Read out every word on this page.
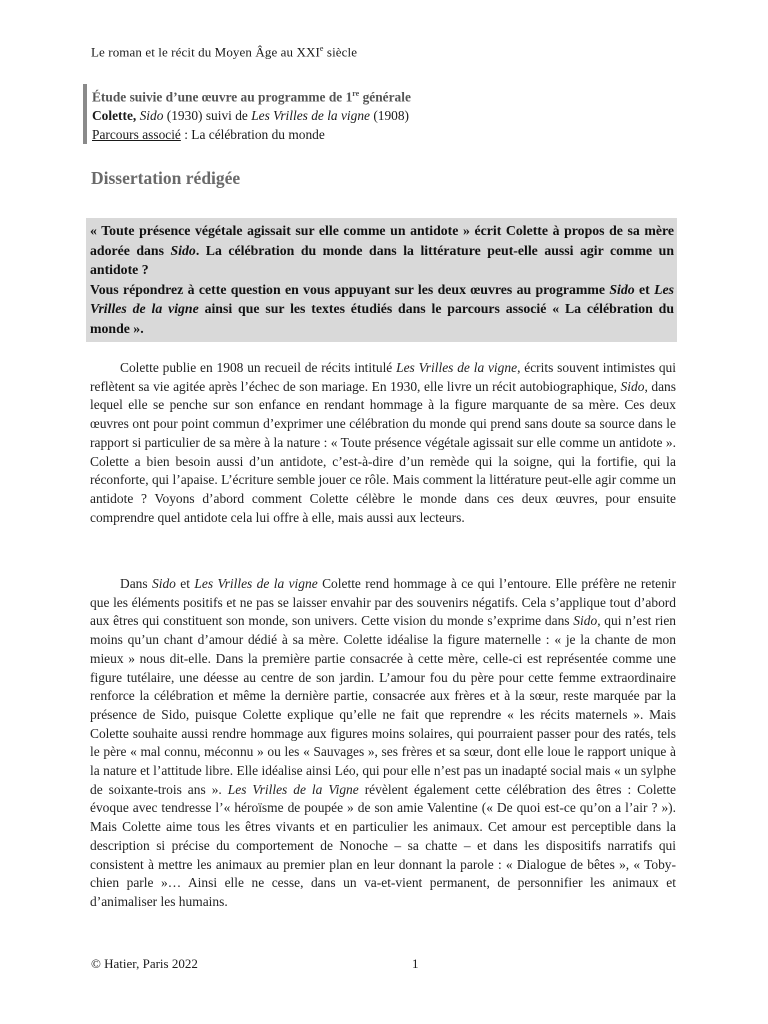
Le roman et le récit du Moyen Âge au XXIe siècle
Étude suivie d’une œuvre au programme de 1re générale
Colette, Sido (1930) suivi de Les Vrilles de la vigne (1908)
Parcours associé : La célébration du monde
Dissertation rédigée

« Toute présence végétale agissait sur elle comme un antidote » écrit Colette à propos de sa mère adorée dans Sido. La célébration du monde dans la littérature peut-elle aussi agir comme un antidote ?

Vous répondrez à cette question en vous appuyant sur les deux œuvres au programme Sido et Les Vrilles de la vigne ainsi que sur les textes étudiés dans le parcours associé « La célébration du monde ».

Colette publie en 1908 un recueil de récits intitulé Les Vrilles de la vigne, écrits souvent intimistes qui reflètent sa vie agitée après l’échec de son mariage. En 1930, elle livre un récit autobiographique, Sido, dans lequel elle se penche sur son enfance en rendant hommage à la figure marquante de sa mère. Ces deux œuvres ont pour point commun d’exprimer une célébration du monde qui prend sans doute sa source dans le rapport si particulier de sa mère à la nature : « Toute présence végétale agissait sur elle comme un antidote ». Colette a bien besoin aussi d’un antidote, c’est-à-dire d’un remède qui la soigne, qui la fortifie, qui la réconforte, qui l’apaise. L’écriture semble jouer ce rôle. Mais comment la littérature peut-elle agir comme un antidote ? Voyons d’abord comment Colette célèbre le monde dans ces deux œuvres, pour ensuite comprendre quel antidote cela lui offre à elle, mais aussi aux lecteurs.

Dans Sido et Les Vrilles de la vigne Colette rend hommage à ce qui l’entoure. Elle préfère ne retenir que les éléments positifs et ne pas se laisser envahir par des souvenirs négatifs. Cela s’applique tout d’abord aux êtres qui constituent son monde, son univers. Cette vision du monde s’exprime dans Sido, qui n’est rien moins qu’un chant d’amour dédié à sa mère. Colette idéalise la figure maternelle : « je la chante de mon mieux » nous dit-elle. Dans la première partie consacrée à cette mère, celle-ci est représentée comme une figure tutélaire, une déesse au centre de son jardin. L’amour fou du père pour cette femme extraordinaire renforce la célébration et même la dernière partie, consacrée aux frères et à la sœur, reste marquée par la présence de Sido, puisque Colette explique qu’elle ne fait que reprendre « les récits maternels ». Mais Colette souhaite aussi rendre hommage aux figures moins solaires, qui pourraient passer pour des ratés, tels le père « mal connu, méconnu » ou les « Sauvages », ses frères et sa sœur, dont elle loue le rapport unique à la nature et l’attitude libre. Elle idéalise ainsi Léo, qui pour elle n’est pas un inadapté social mais « un sylphe de soixante-trois ans ». Les Vrilles de la Vigne révèlent également cette célébration des êtres : Colette évoque avec tendresse l’« héroïsme de poupée » de son amie Valentine (« De quoi est-ce qu’on a l’air ? »). Mais Colette aime tous les êtres vivants et en particulier les animaux. Cet amour est perceptible dans la description si précise du comportement de Nonoche – sa chatte – et dans les dispositifs narratifs qui consistent à mettre les animaux au premier plan en leur donnant la parole : « Dialogue de bêtes », « Toby-chien parle »… Ainsi elle ne cesse, dans un va-et-vient permanent, de personnifier les animaux et d’animaliser les humains.

© Hatier, Paris 2022	1
